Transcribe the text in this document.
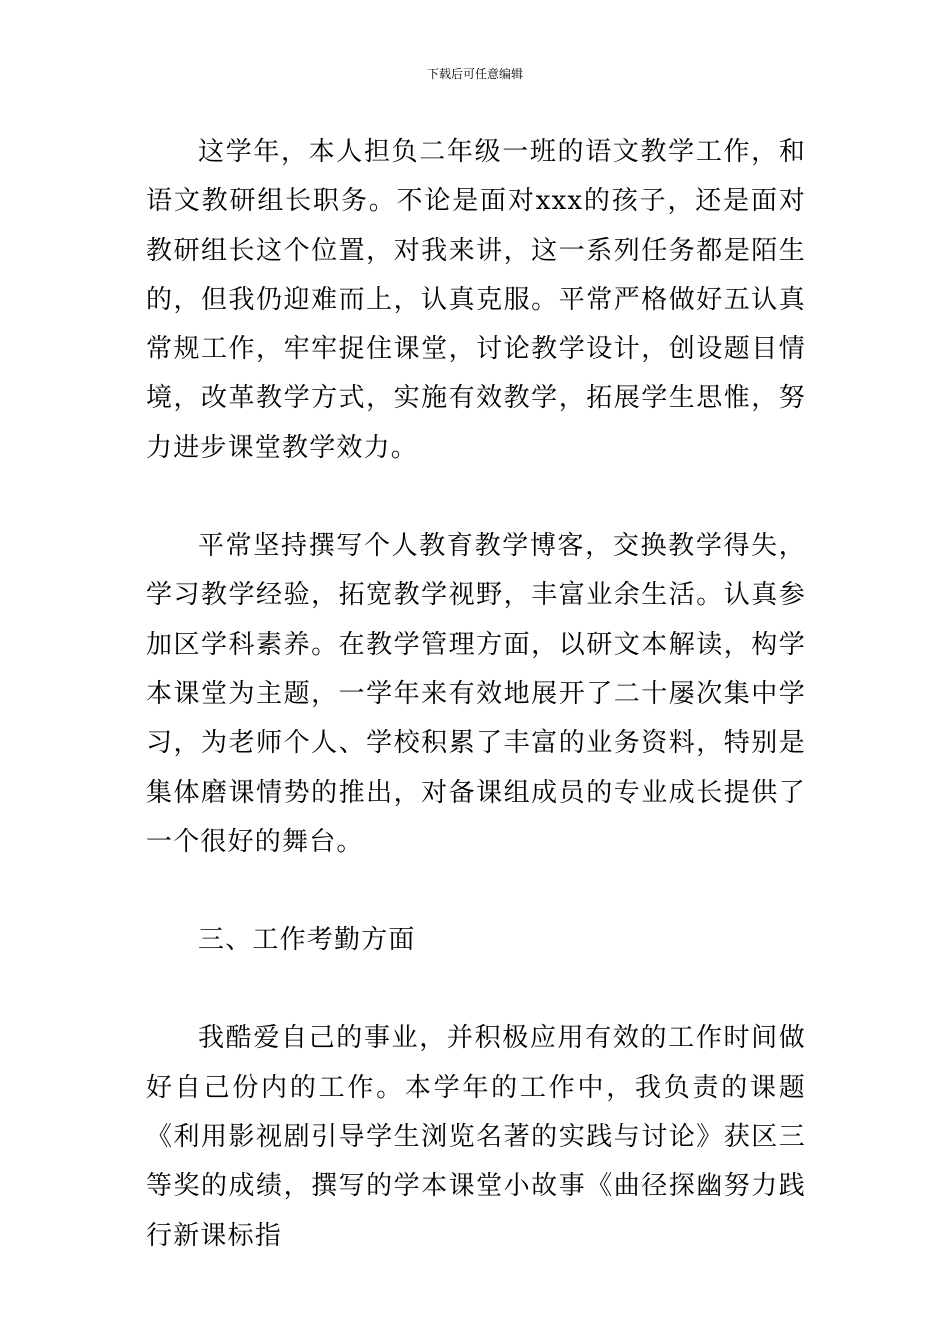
下载后可任意编辑

这学年，本人担负二年级一班的语文教学工作，和语文教研组长职务。不论是面对xxx的孩子，还是面对教研组长这个位置，对我来讲，这一系列任务都是陌生的，但我仍迎难而上，认真克服。平常严格做好五认真常规工作，牢牢捉住课堂，讨论教学设计，创设题目情境，改革教学方式，实施有效教学，拓展学生思惟，努力进步课堂教学效力。

平常坚持撰写个人教育教学博客，交换教学得失，学习教学经验，拓宽教学视野，丰富业余生活。认真参加区学科素养。在教学管理方面，以研文本解读，构学本课堂为主题，一学年来有效地展开了二十屡次集中学习，为老师个人、学校积累了丰富的业务资料，特别是集体磨课情势的推出，对备课组成员的专业成长提供了一个很好的舞台。

三、工作考勤方面

我酷爱自己的事业，并积极应用有效的工作时间做好自己份内的工作。本学年的工作中，我负责的课题《利用影视剧引导学生浏览名著的实践与讨论》获区三等奖的成绩，撰写的学本课堂小故事《曲径探幽努力践行新课标指
